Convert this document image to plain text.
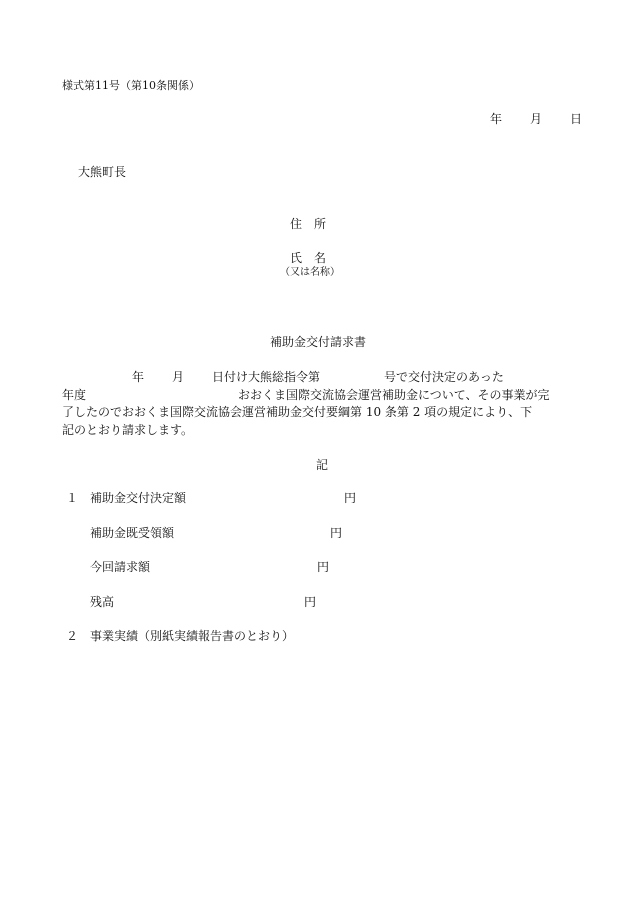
様式第11号（第10条関係）
年 月 日
大熊町長
住　所
氏　名
（又は名称）
補助金交付請求書
年 月 日付け大熊総指令第	号で交付決定のあった
年度	おおくま国際交流協会運営補助金について、その事業が完
了したのでおおくま国際交流協会運営補助金交付要綱第 10 条第 2 項の規定により、下
記のとおり請求します。
記
１ 補助金交付決定額	円
補助金既受領額	円
今回請求額	円
残高	円
２ 事業実績（別紙実績報告書のとおり）
